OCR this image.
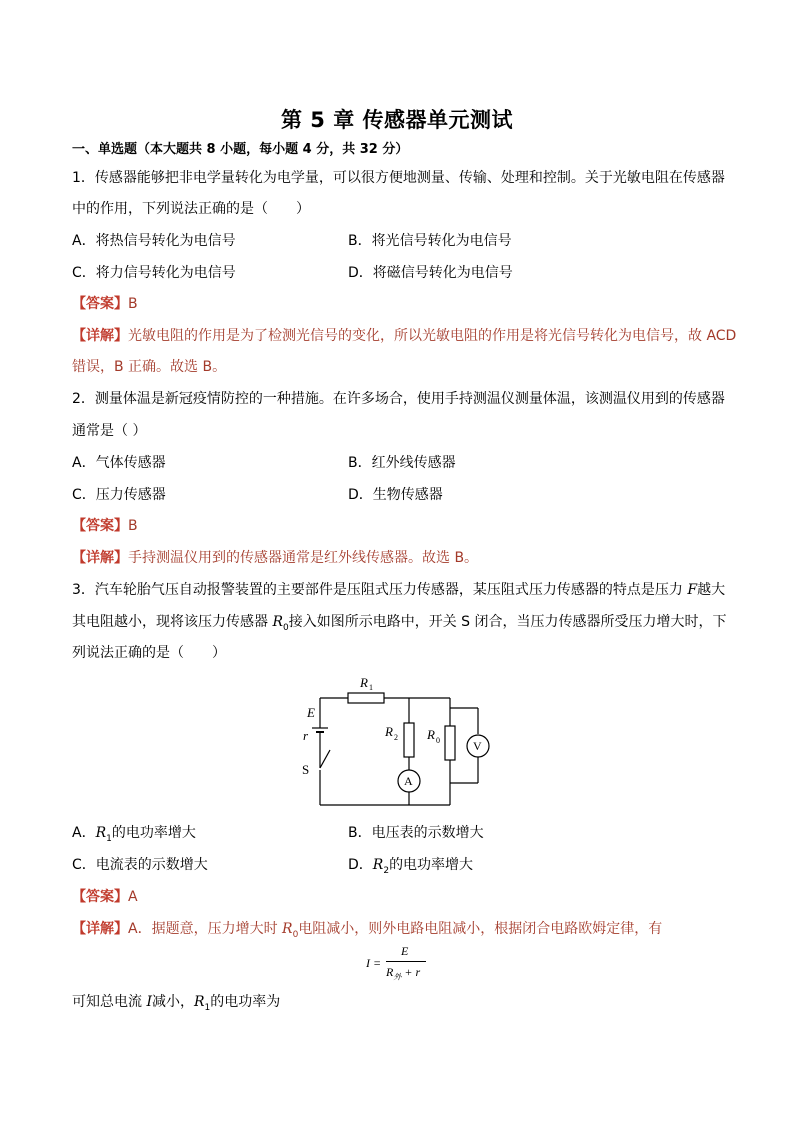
第 5 章 传感器单元测试
一、单选题（本大题共 8 小题，每小题 4 分，共 32 分）
1．传感器能够把非电学量转化为电学量，可以很方便地测量、传输、处理和控制。关于光敏电阻在传感器
中的作用，下列说法正确的是（　　）
A．将热信号转化为电信号	B．将光信号转化为电信号
C．将力信号转化为电信号	D．将磁信号转化为电信号
【答案】B
【详解】光敏电阻的作用是为了检测光信号的变化，所以光敏电阻的作用是将光信号转化为电信号，故 ACD
错误，B 正确。故选 B。
2．测量体温是新冠疫情防控的一种措施。在许多场合，使用手持测温仪测量体温，该测温仪用到的传感器
通常是（ ）
A．气体传感器	B．红外线传感器
C．压力传感器	D．生物传感器
【答案】B
【详解】手持测温仪用到的传感器通常是红外线传感器。故选 B。
3．汽车轮胎气压自动报警装置的主要部件是压阻式压力传感器，某压阻式压力传感器的特点是压力 F越大
其电阻越小，现将该压力传感器 $R_0$接入如图所示电路中，开关 S 闭合，当压力传感器所受压力增大时，下
列说法正确的是（　　）
R 1
E
r
S
R 2 R 0
A
V
A．$R_1$的电功率增大	B．电压表的示数增大
C．电流表的示数增大	D．$R_2$的电功率增大
【答案】A
【详解】A．据题意，压力增大时 $R_0$电阻减小，则外电路电阻减小，根据闭合电路欧姆定律，有
I =
E
$R_外 + r$
可知总电流 I减小，$R_1$的电功率为
